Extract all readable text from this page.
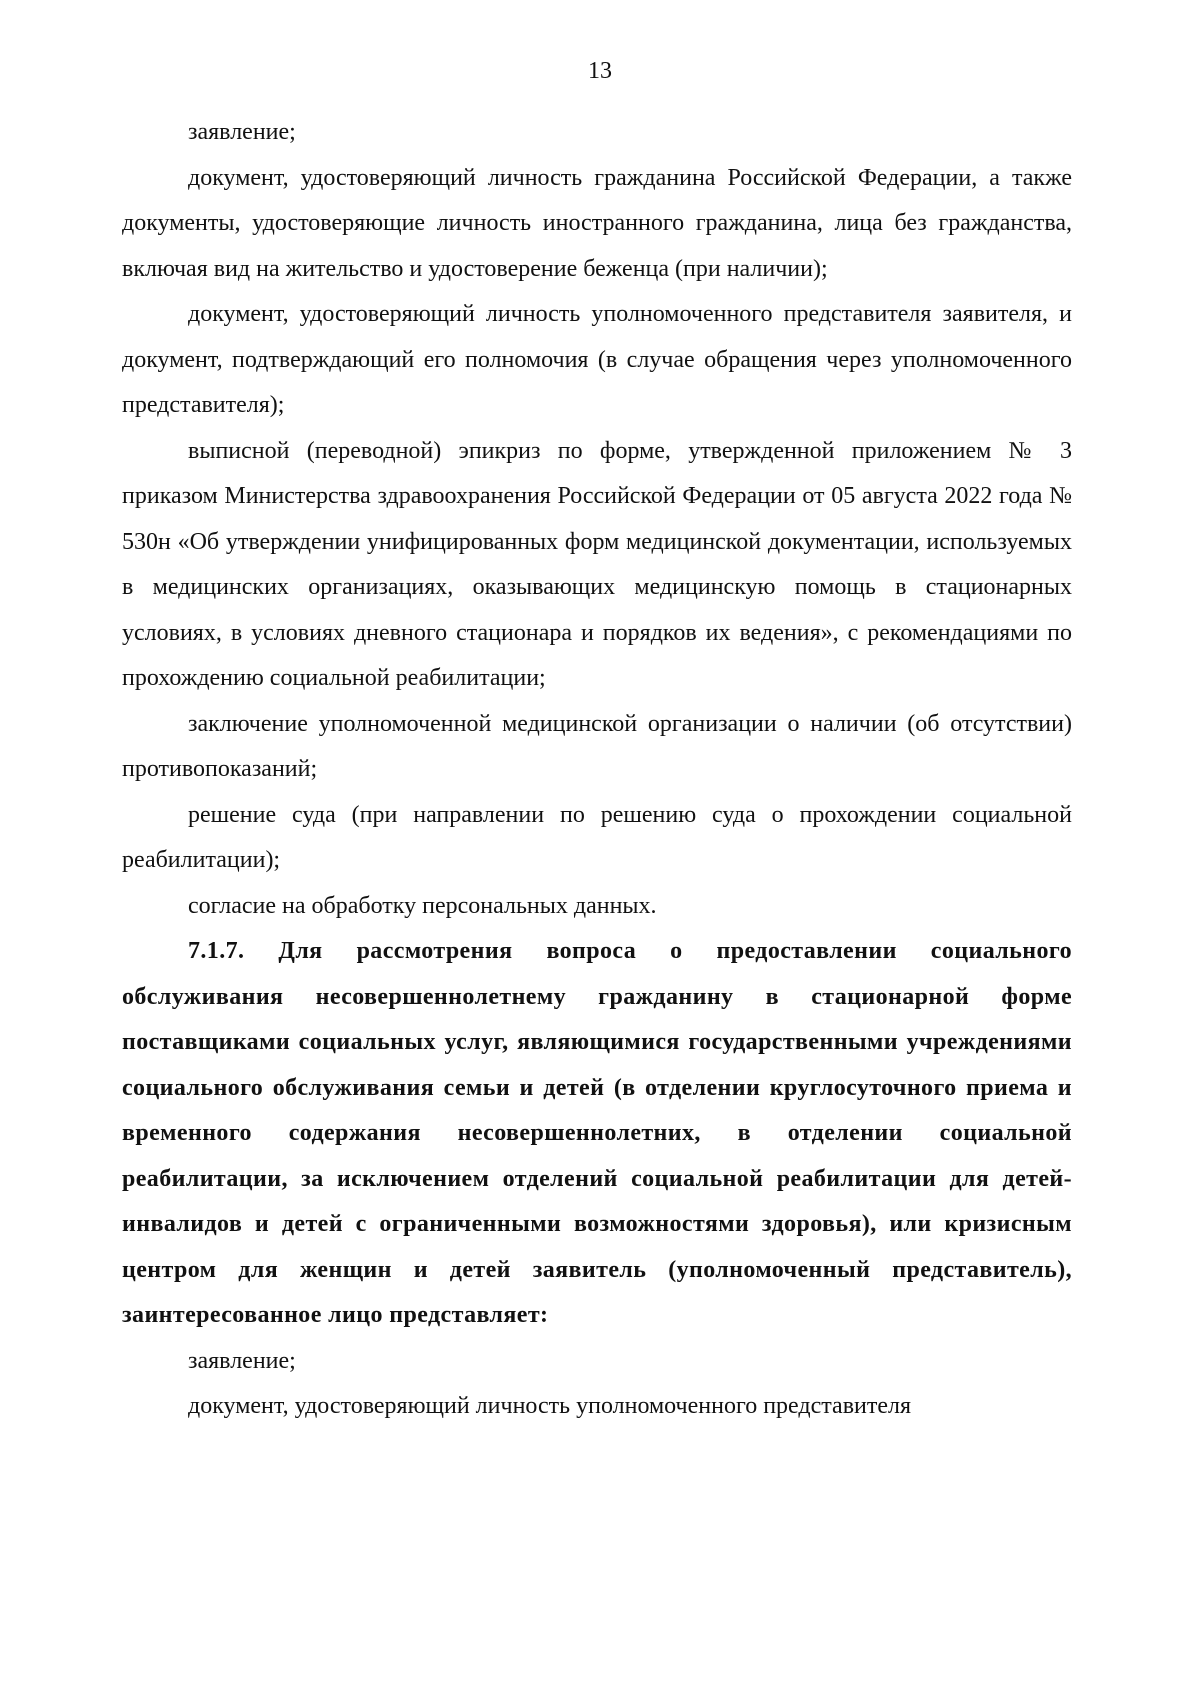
13

заявление;

документ, удостоверяющий личность гражданина Российской Федерации, а также документы, удостоверяющие личность иностранного гражданина, лица без гражданства, включая вид на жительство и удостоверение беженца (при наличии);

документ, удостоверяющий личность уполномоченного представителя заявителя, и документ, подтверждающий его полномочия (в случае обращения через уполномоченного представителя);

выписной (переводной) эпикриз по форме, утвержденной приложением № 3 приказом Министерства здравоохранения Российской Федерации от 05 августа 2022 года № 530н «Об утверждении унифицированных форм медицинской документации, используемых в медицинских организациях, оказывающих медицинскую помощь в стационарных условиях, в условиях дневного стационара и порядков их ведения», с рекомендациями по прохождению социальной реабилитации;

заключение уполномоченной медицинской организации о наличии (об отсутствии) противопоказаний;

решение суда (при направлении по решению суда о прохождении социальной реабилитации);

согласие на обработку персональных данных.

7.1.7. Для рассмотрения вопроса о предоставлении социального обслуживания несовершеннолетнему гражданину в стационарной форме поставщиками социальных услуг, являющимися государственными учреждениями социального обслуживания семьи и детей (в отделении круглосуточного приема и временного содержания несовершеннолетних, в отделении социальной реабилитации, за исключением отделений социальной реабилитации для детей-инвалидов и детей с ограниченными возможностями здоровья), или кризисным центром для женщин и детей заявитель (уполномоченный представитель), заинтересованное лицо представляет:

заявление;

документ, удостоверяющий личность уполномоченного представителя
